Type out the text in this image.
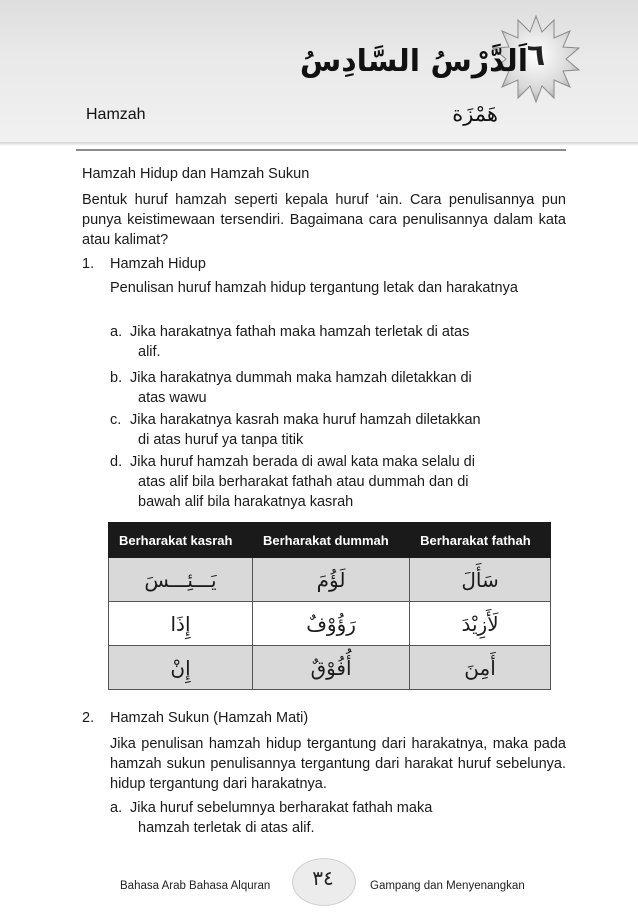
٦
اَلدَّرْسُ السَّادِسُ
Hamzah	هَمْزَة
Hamzah Hidup dan Hamzah Sukun
Bentuk huruf hamzah seperti kepala huruf ‘ain. Cara penulisannya pun punya keistimewaan tersendiri. Bagaimana cara penulisannya dalam kata atau kalimat?
1. Hamzah Hidup
Penulisan huruf hamzah hidup tergantung letak dan harakatnya
a. Jika harakatnya fathah maka hamzah terletak di atas
alif.
b. Jika harakatnya dummah maka hamzah diletakkan di
atas wawu
c. Jika harakatnya kasrah maka huruf hamzah diletakkan
di atas huruf ya tanpa titik
d. Jika huruf hamzah berada di awal kata maka selalu di
atas alif bila berharakat fathah atau dummah dan di
bawah alif bila harakatnya kasrah
Berharakat kasrah	Berharakat dummah	Berharakat fathah
يَـــئِـــسَ	لَؤُمَ	سَأَلَ
إِذَا	رَؤُوْفٌ	لَأَزِيْدَ
إِنْ	أُفُوْقٌ	أَمِنَ
2. Hamzah Sukun (Hamzah Mati)
Jika penulisan hamzah hidup tergantung dari harakatnya, maka pada hamzah sukun penulisannya tergantung dari harakat huruf sebelunya. hidup tergantung dari harakatnya.
a. Jika huruf sebelumnya berharakat fathah maka
hamzah terletak di atas alif.
Bahasa Arab Bahasa Alquran	٣٤	Gampang dan Menyenangkan
